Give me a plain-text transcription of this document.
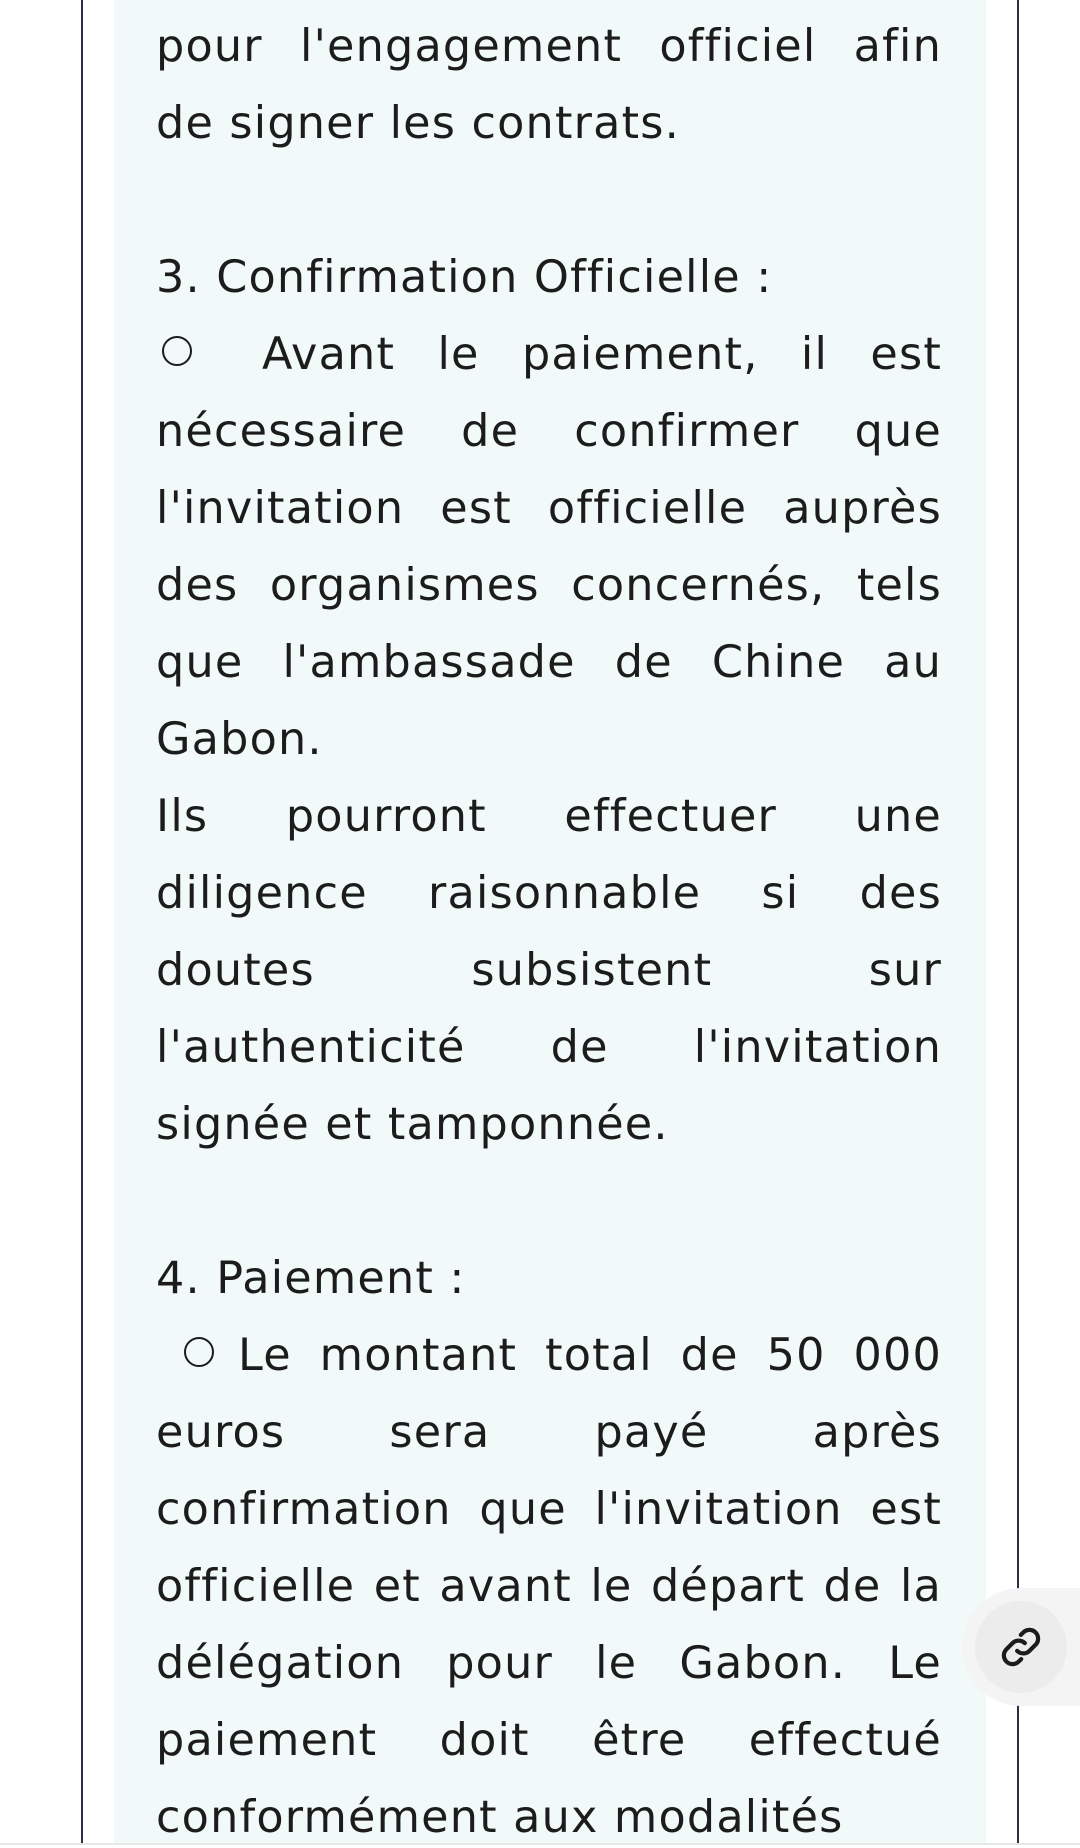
pour l'engagement officiel afin de signer les contrats.

3. Confirmation Officielle :

Avant le paiement, il est nécessaire de confirmer que l'invitation est officielle auprès des organismes concernés, tels que l'ambassade de Chine au Gabon.

Ils pourront effectuer une diligence raisonnable si des doutes subsistent sur l'authenticité de l'invitation signée et tamponnée.

4. Paiement :

Le montant total de 50 000 euros sera payé après confirmation que l'invitation est officielle et avant le départ de la délégation pour le Gabon. Le paiement doit être effectué conformément aux modalités
